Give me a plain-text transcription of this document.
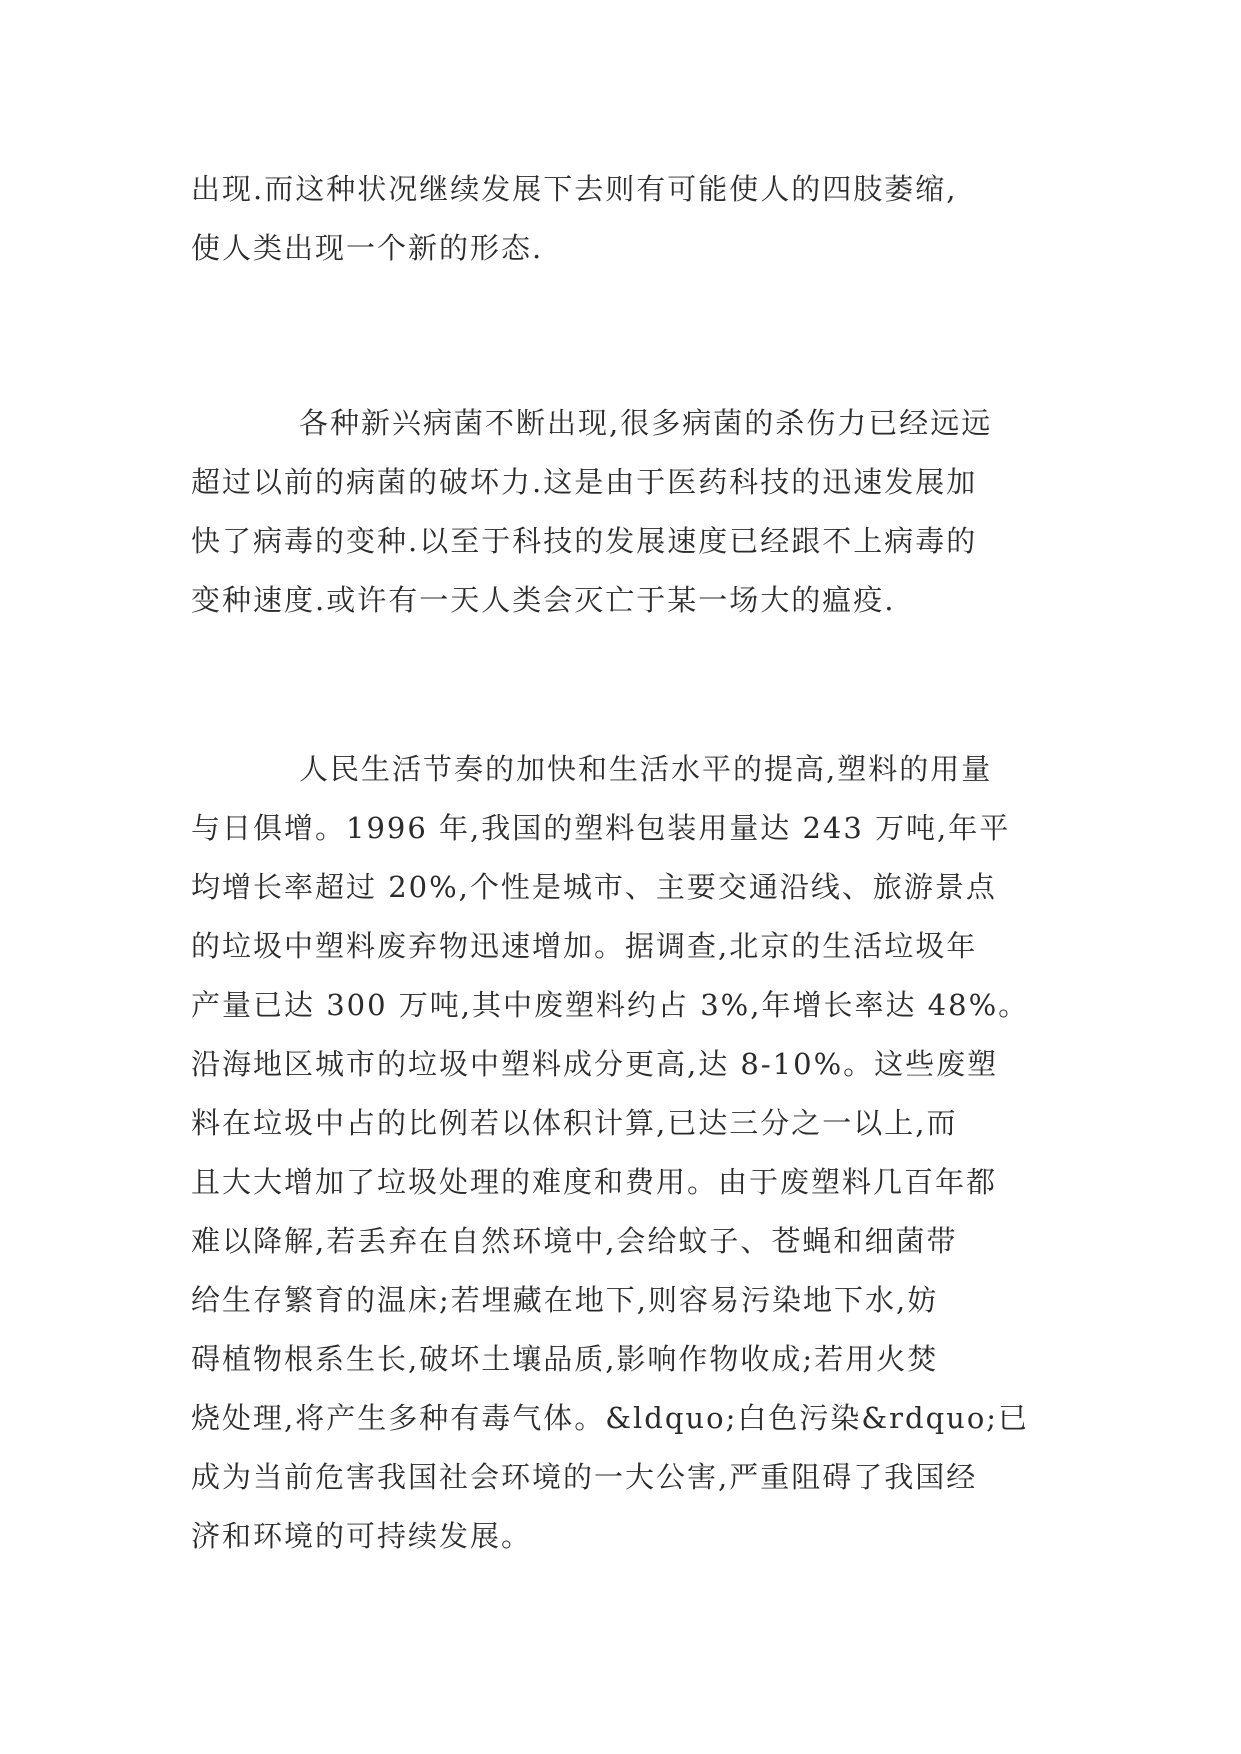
出现.而这种状况继续发展下去则有可能使人的四肢萎缩,
使人类出现一个新的形态.
各种新兴病菌不断出现,很多病菌的杀伤力已经远远
超过以前的病菌的破坏力.这是由于医药科技的迅速发展加
快了病毒的变种.以至于科技的发展速度已经跟不上病毒的
变种速度.或许有一天人类会灭亡于某一场大的瘟疫.
人民生活节奏的加快和生活水平的提高,塑料的用量
与日俱增。1996 年,我国的塑料包装用量达 243 万吨,年平
均增长率超过 20%,个性是城市、主要交通沿线、旅游景点
的垃圾中塑料废弃物迅速增加。据调查,北京的生活垃圾年
产量已达 300 万吨,其中废塑料约占 3%,年增长率达 48%。
沿海地区城市的垃圾中塑料成分更高,达 8-10%。这些废塑
料在垃圾中占的比例若以体积计算,已达三分之一以上,而
且大大增加了垃圾处理的难度和费用。由于废塑料几百年都
难以降解,若丢弃在自然环境中,会给蚊子、苍蝇和细菌带
给生存繁育的温床;若埋藏在地下,则容易污染地下水,妨
碍植物根系生长,破坏土壤品质,影响作物收成;若用火焚
烧处理,将产生多种有毒气体。&ldquo;白色污染&rdquo;已
成为当前危害我国社会环境的一大公害,严重阻碍了我国经
济和环境的可持续发展。
